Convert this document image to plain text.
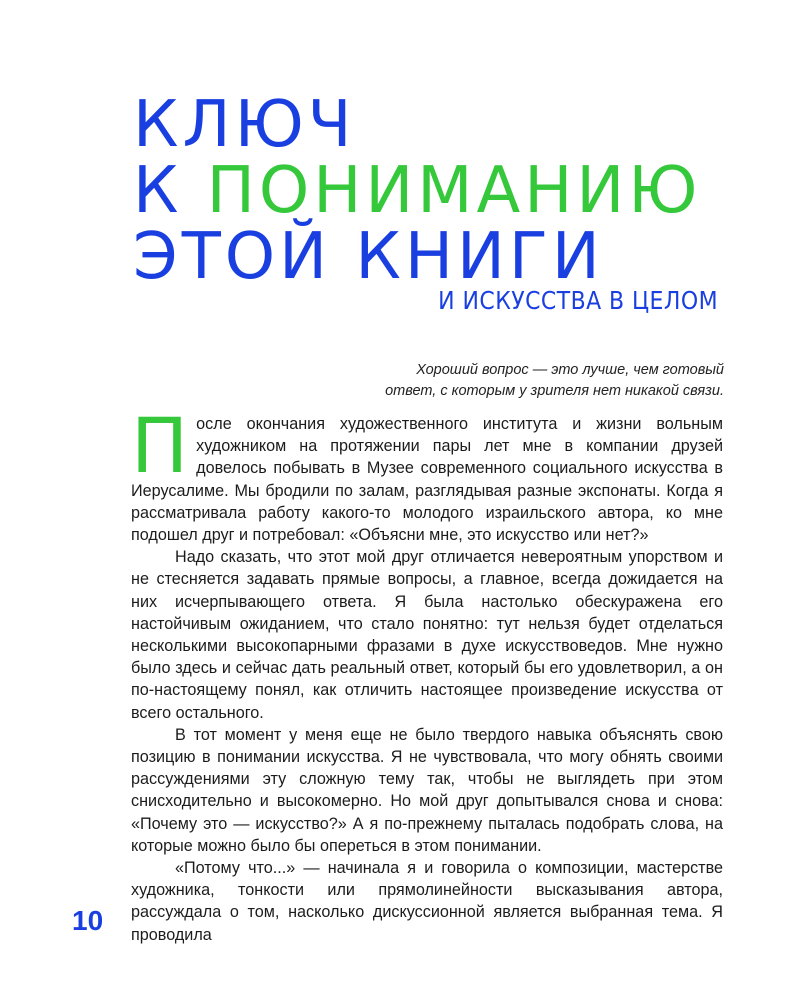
КЛЮЧ
К ПОНИМАНИЮ
ЭТОЙ КНИГИ
И ИСКУССТВА В ЦЕЛОМ
Хороший вопрос — это лучше, чем готовый
ответ, с которым у зрителя нет никакой связи.

После окончания художественного института и жизни вольным художником на протяжении пары лет мне в компании друзей довелось побывать в Музее современного социального искусства в Иерусалиме. Мы бродили по залам, разглядывая разные экспонаты. Когда я рассматривала работу какого-то молодого израильского автора, ко мне подошел друг и потребовал: «Объясни мне, это искусство или нет?»

Надо сказать, что этот мой друг отличается невероятным упорством и не стесняется задавать прямые вопросы, а главное, всегда дожидается на них исчерпывающего ответа. Я была настолько обескуражена его настойчивым ожиданием, что стало понятно: тут нельзя будет отделаться несколькими высокопарными фразами в духе искусствоведов. Мне нужно было здесь и сейчас дать реальный ответ, который бы его удовлетворил, а он по-настоящему понял, как отличить настоящее произведение искусства от всего остального.

В тот момент у меня еще не было твердого навыка объяснять свою позицию в понимании искусства. Я не чувствовала, что могу обнять своими рассуждениями эту сложную тему так, чтобы не выглядеть при этом снисходительно и высокомерно. Но мой друг допытывался снова и снова: «Почему это — искусство?» А я по-прежнему пыталась подобрать слова, на которые можно было бы опереться в этом понимании.

«Потому что...» — начинала я и говорила о композиции, мастерстве художника, тонкости или прямолинейности высказывания автора, рассуждала о том, насколько дискуссионной является выбранная тема. Я проводила

10
